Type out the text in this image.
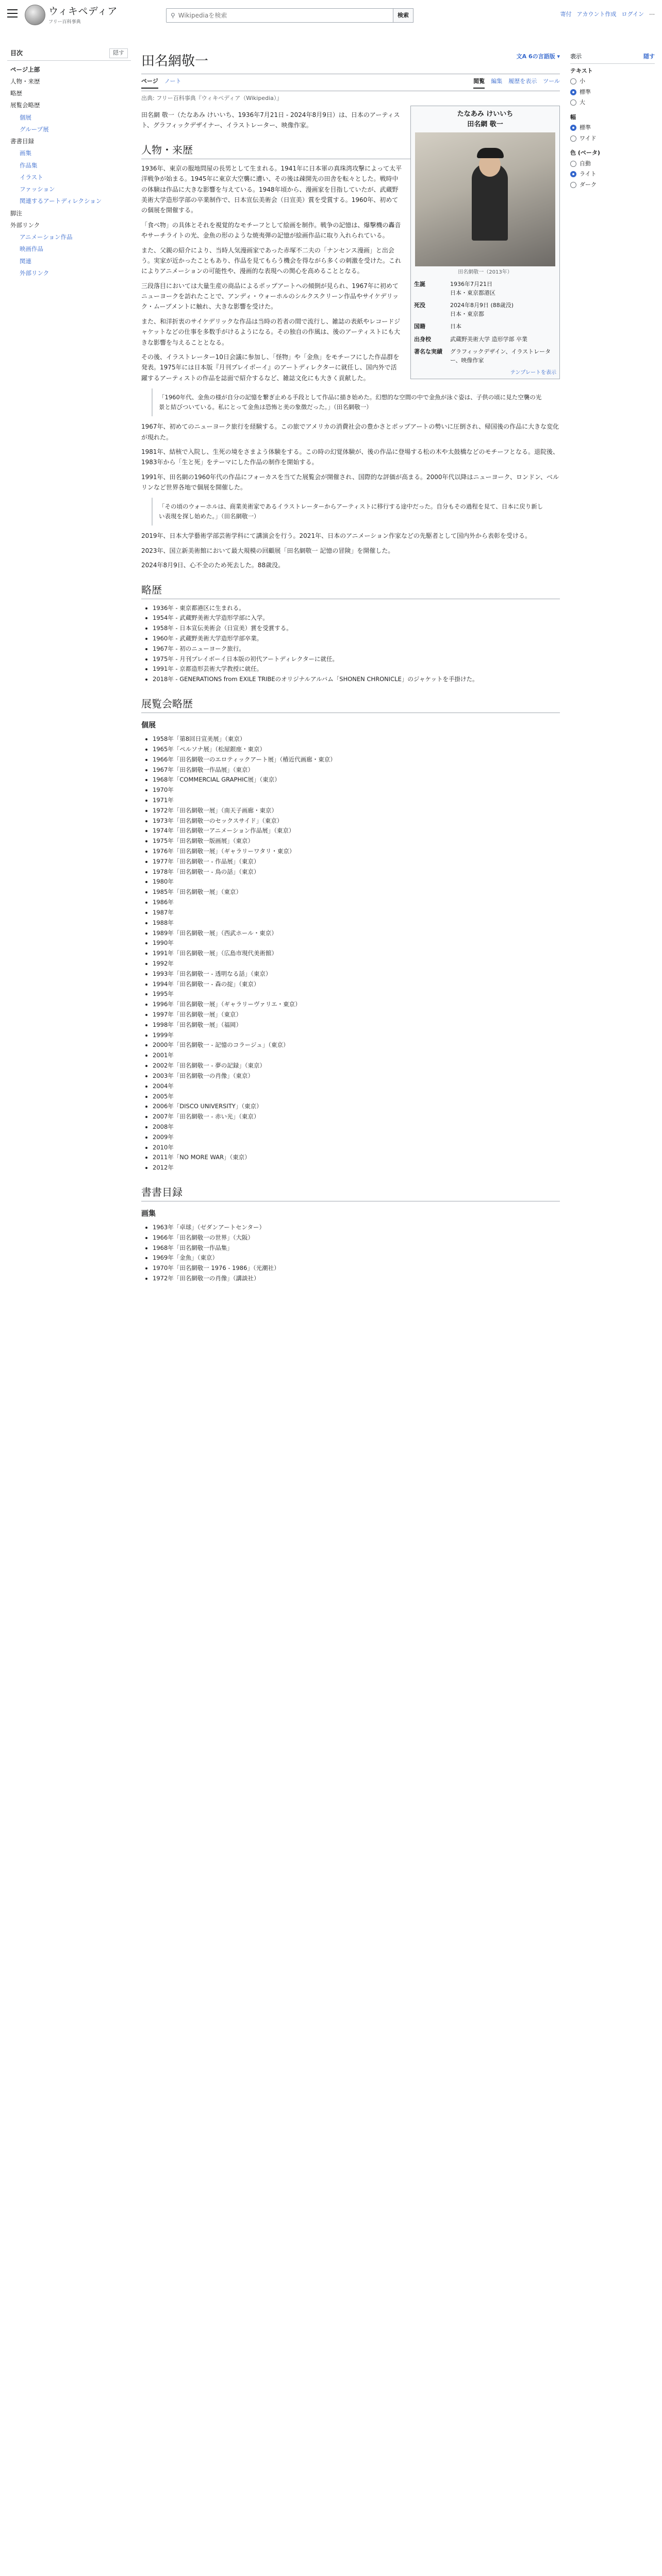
ウィキペディア
フリー百科事典
⚲
Wikipediaを検索	検索	寄付 アカウント作成 ログイン ⋯
目次	隠す
ページ上部
人物・来歴
略歴
展覧会略歴
個展
グループ展
書書目録
画集
作品集
イラスト
ファッション
関連するアートディレクション
脚注
外部リンク
アニメーション作品
映画作品
関連
外部リンク
表示	隠す
テキスト
小
標準
大
幅
標準
ワイド
色 (ベータ)
自動
ライト
ダーク
文A 6の言語版 ▾
田名網敬一
ページ ノート	閲覧 編集 履歴を表示 ツール
出典: フリー百科事典『ウィキペディア（Wikipedia）』
たなあみ けいいち
田名網 敬一
田名網敬一（2013年）
生誕	1936年7月21日
日本・東京都港区
死没	2024年8月9日 (88歳没)
日本・東京都
国籍	日本
出身校	武蔵野美術大学 造形学部 卒業
著名な実績	グラフィックデザイン、イラストレーター、映像作家
テンプレートを表示

田名網 敬一（たなあみ けいいち、1936年7月21日 - 2024年8月9日）は、日本のアーティスト、グラフィックデザイナー、イラストレーター、映像作家。

人物・来歴

1936年、東京の服地問屋の長男として生まれる。1941年に日本軍の真珠湾攻撃によって太平洋戦争が始まる。1945年に東京大空襲に遭い、その後は疎開先の田舎を転々とした。戦時中の体験は作品に大きな影響を与えている。1948年頃から、漫画家を目指していたが、武蔵野美術大学造形学部の卒業制作で、日本宣伝美術会（日宣美）賞を受賞する。1960年、初めての個展を開催する。

「食べ物」の具体とそれを視覚的なモチーフとして絵画を制作。戦争の記憶は、爆撃機の轟音やサーチライトの光、金魚の形のような焼夷弾の記憶が絵画作品に取り入れられている。

また、父親の紹介により、当時人気漫画家であった赤塚不二夫の「ナンセンス漫画」と出会う。実家が近かったこともあり、作品を見てもらう機会を得ながら多くの刺激を受けた。これによりアニメーションの可能性や、漫画的な表現への関心を高めることとなる。

三段落目においては大量生産の商品によるポップアートへの傾倒が見られ、1967年に初めてニューヨークを訪れたことで、アンディ・ウォーホルのシルクスクリーン作品やサイケデリック・ムーブメントに触れ、大きな影響を受けた。

また、和洋折衷のサイケデリックな作品は当時の若者の間で流行し、雑誌の表紙やレコードジャケットなどの仕事を多数手がけるようになる。その独自の作風は、後のアーティストにも大きな影響を与えることとなる。

その後、イラストレーター10日会議に参加し、「怪物」や「金魚」をモチーフにした作品群を発表。1975年には日本版『月刊プレイボーイ』のアートディレクターに就任し、国内外で活躍するアーティストの作品を誌面で紹介するなど、雑誌文化にも大きく貢献した。

「1960年代、金魚の様が自分の記憶を繋ぎ止める手段として作品に描き始めた。幻想的な空間の中で金魚が泳ぐ姿は、子供の頃に見た空襲の光景と結びついている。私にとって金魚は恐怖と美の象徴だった。」（田名網敬一）

1967年、初めてのニューヨーク旅行を経験する。この旅でアメリカの消費社会の豊かさとポップアートの勢いに圧倒され、帰国後の作品に大きな変化が現れた。

1981年、結核で入院し、生死の境をさまよう体験をする。この時の幻覚体験が、後の作品に登場する松の木や太鼓橋などのモチーフとなる。退院後、1983年から「生と死」をテーマにした作品の制作を開始する。

1991年、田名網の1960年代の作品にフォーカスを当てた展覧会が開催され、国際的な評価が高まる。2000年代以降はニューヨーク、ロンドン、ベルリンなど世界各地で個展を開催した。

「その頃のウォーホルは、商業美術家であるイラストレーターからアーティストに移行する途中だった。自分もその過程を見て、日本に戻り新しい表現を探し始めた。」（田名網敬一）

2019年、日本大学藝術学部芸術学科にて講演会を行う。2021年、日本のアニメーション作家などの先駆者として国内外から表彰を受ける。

2023年、国立新美術館において最大規模の回顧展「田名網敬一 記憶の冒険」を開催した。

2024年8月9日、心不全のため死去した。88歳没。

略歴
• 1936年 - 東京都港区に生まれる。
• 1954年 - 武蔵野美術大学造形学部に入学。
• 1958年 - 日本宣伝美術会（日宣美）賞を受賞する。
• 1960年 - 武蔵野美術大学造形学部卒業。
• 1967年 - 初のニューヨーク旅行。
• 1975年 - 月刊プレイボーイ日本版の初代アートディレクターに就任。
• 1991年 - 京都造形芸術大学教授に就任。
• 2018年 - GENERATIONS from EXILE TRIBEのオリジナルアルバム「SHONEN CHRONICLE」のジャケットを手掛けた。
展覧会略歴
個展
• 1958年「第8回日宣美展」（東京）
• 1965年「ペルソナ展」（松屋銀座・東京）
• 1966年「田名網敬一のエロティックアート展」（椿近代画廊・東京）
• 1967年「田名網敬一作品展」（東京）
• 1968年「COMMERCIAL GRAPHIC展」（東京）
• 1970年
• 1971年
• 1972年「田名網敬一展」（南天子画廊・東京）
• 1973年「田名網敬一のセックスサイド」（東京）
• 1974年「田名網敬一アニメーション作品展」（東京）
• 1975年「田名網敬一版画展」（東京）
• 1976年「田名網敬一展」（ギャラリーワタリ・東京）
• 1977年「田名網敬一 - 作品展」（東京）
• 1978年「田名網敬一 - 鳥の話」（東京）
• 1980年
• 1985年「田名網敬一展」（東京）
• 1986年
• 1987年
• 1988年
• 1989年「田名網敬一展」（西武ホール・東京）
• 1990年
• 1991年「田名網敬一展」（広島市現代美術館）
• 1992年
• 1993年「田名網敬一 - 透明なる話」（東京）
• 1994年「田名網敬一 - 森の掟」（東京）
• 1995年
• 1996年「田名網敬一展」（ギャラリーヴァリエ・東京）
• 1997年「田名網敬一展」（東京）
• 1998年「田名網敬一展」（福岡）
• 1999年
• 2000年「田名網敬一 - 記憶のコラージュ」（東京）
• 2001年
• 2002年「田名網敬一 - 夢の記録」（東京）
• 2003年「田名網敬一の肖像」（東京）
• 2004年
• 2005年
• 2006年「DISCO UNIVERSITY」（東京）
• 2007年「田名網敬一 - 赤い光」（東京）
• 2008年
• 2009年
• 2010年
• 2011年「NO MORE WAR」（東京）
• 2012年
書書目録
画集
• 1963年「卓球」（ゼダンアートセンター）
• 1966年「田名網敬一の世界」（大阪）
• 1968年「田名網敬一作品集」
• 1969年「金魚」（東京）
• 1970年「田名網敬一 1976 - 1986」（光潮社）
• 1972年「田名網敬一の肖像」（講談社）
